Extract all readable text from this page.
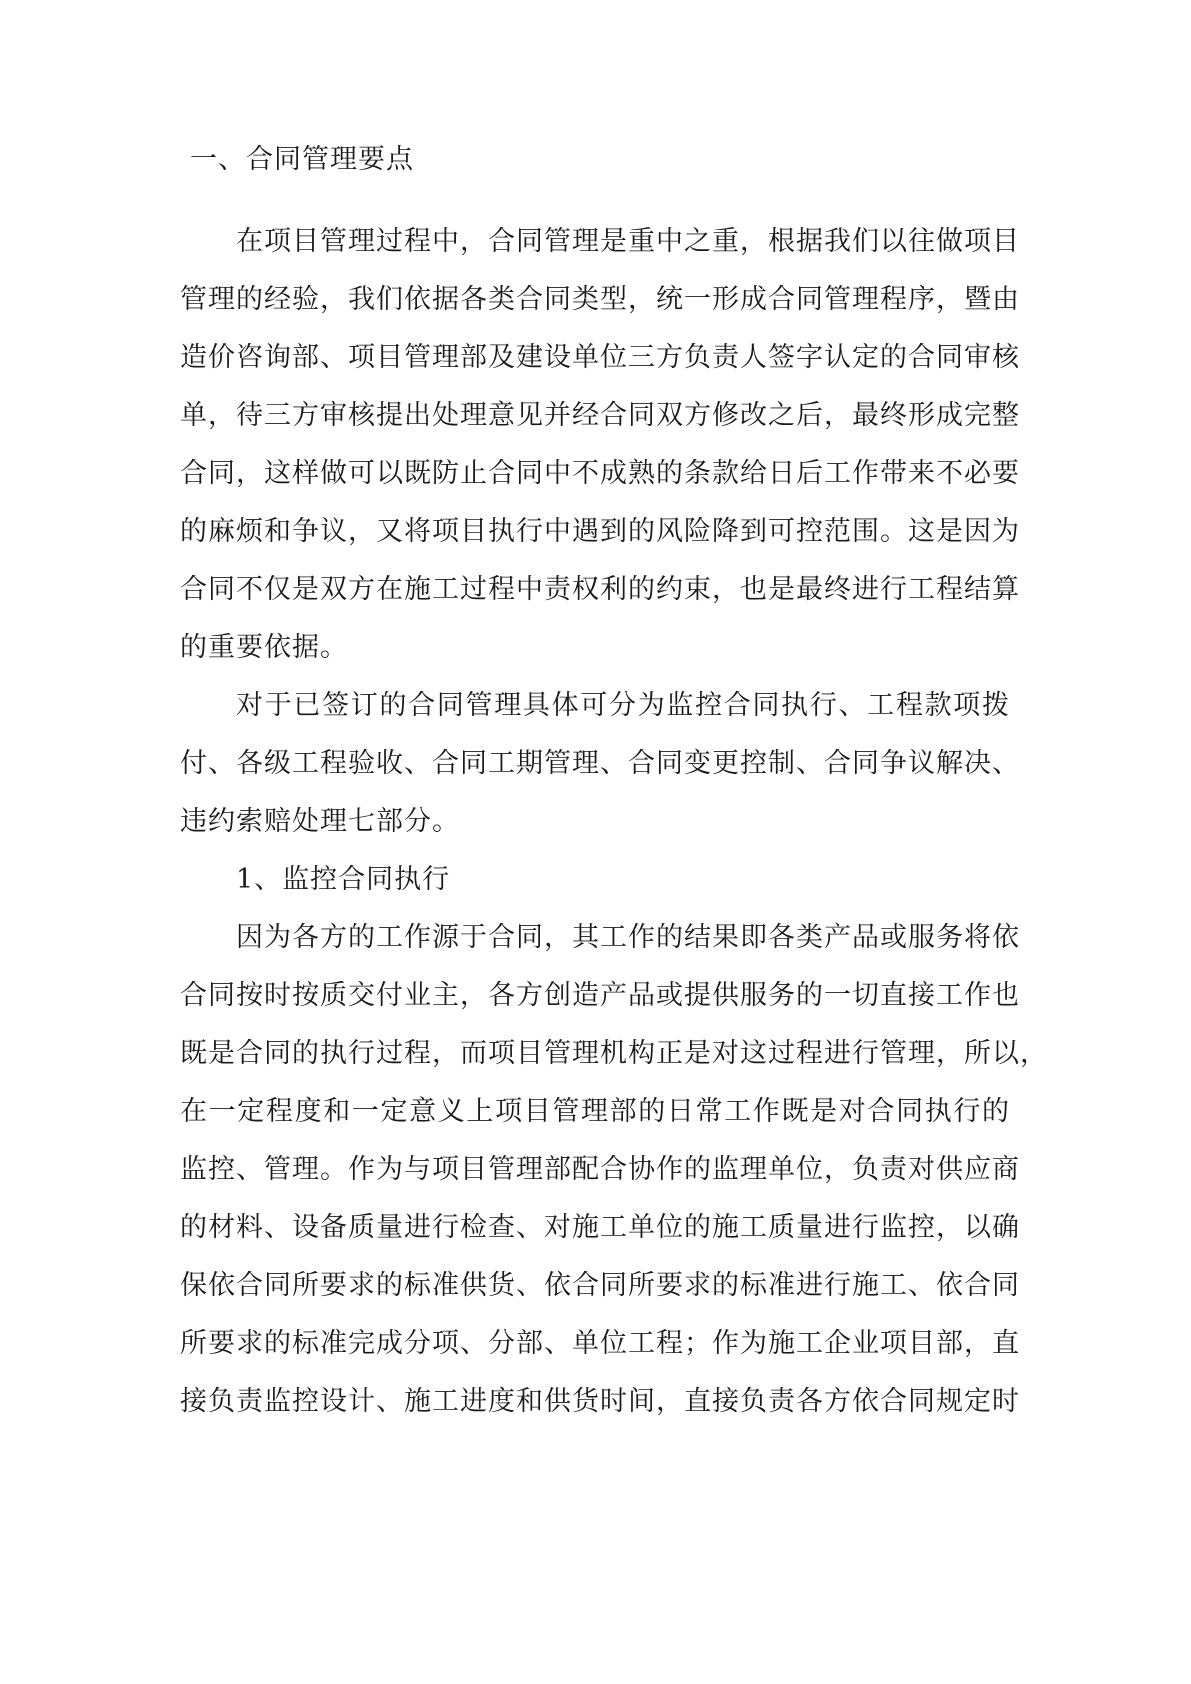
一、合同管理要点
在项目管理过程中，合同管理是重中之重，根据我们以往做项目
管理的经验，我们依据各类合同类型，统一形成合同管理程序，暨由
造价咨询部、项目管理部及建设单位三方负责人签字认定的合同审核
单，待三方审核提出处理意见并经合同双方修改之后，最终形成完整
合同，这样做可以既防止合同中不成熟的条款给日后工作带来不必要
的麻烦和争议，又将项目执行中遇到的风险降到可控范围。这是因为
合同不仅是双方在施工过程中责权利的约束，也是最终进行工程结算
的重要依据。
对于已签订的合同管理具体可分为监控合同执行、工程款项拨
付、各级工程验收、合同工期管理、合同变更控制、合同争议解决、
违约索赔处理七部分。
1、监控合同执行
因为各方的工作源于合同，其工作的结果即各类产品或服务将依
合同按时按质交付业主，各方创造产品或提供服务的一切直接工作也
既是合同的执行过程，而项目管理机构正是对这过程进行管理，所以，
在一定程度和一定意义上项目管理部的日常工作既是对合同执行的
监控、管理。作为与项目管理部配合协作的监理单位，负责对供应商
的材料、设备质量进行检查、对施工单位的施工质量进行监控，以确
保依合同所要求的标准供货、依合同所要求的标准进行施工、依合同
所要求的标准完成分项、分部、单位工程；作为施工企业项目部，直
接负责监控设计、施工进度和供货时间，直接负责各方依合同规定时
